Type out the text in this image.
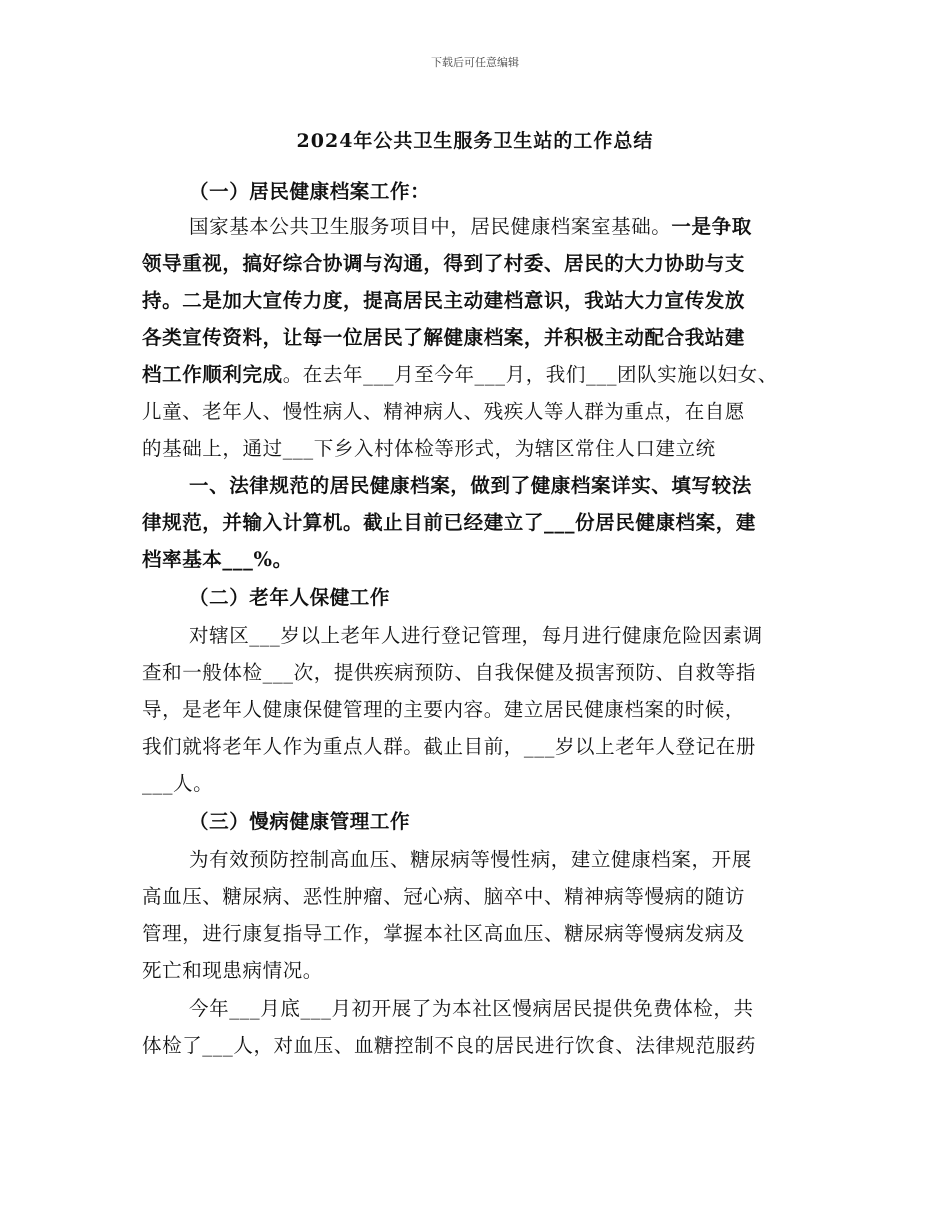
下载后可任意编辑
2024年公共卫生服务卫生站的工作总结
（一）居民健康档案工作：
国家基本公共卫生服务项目中，居民健康档案室基础。一是争取
领导重视，搞好综合协调与沟通，得到了村委、居民的大力协助与支
持。二是加大宣传力度，提高居民主动建档意识，我站大力宣传发放
各类宣传资料，让每一位居民了解健康档案，并积极主动配合我站建
档工作顺利完成。在去年___月至今年___月，我们___团队实施以妇女、
儿童、老年人、慢性病人、精神病人、残疾人等人群为重点，在自愿
的基础上，通过___下乡入村体检等形式，为辖区常住人口建立统
一、法律规范的居民健康档案，做到了健康档案详实、填写较法
律规范，并输入计算机。截止目前已经建立了___份居民健康档案，建
档率基本___%。
（二）老年人保健工作
对辖区___岁以上老年人进行登记管理，每月进行健康危险因素调
查和一般体检___次，提供疾病预防、自我保健及损害预防、自救等指
导，是老年人健康保健管理的主要内容。建立居民健康档案的时候，
我们就将老年人作为重点人群。截止目前，___岁以上老年人登记在册
___人。
（三）慢病健康管理工作
为有效预防控制高血压、糖尿病等慢性病，建立健康档案，开展
高血压、糖尿病、恶性肿瘤、冠心病、脑卒中、精神病等慢病的随访
管理，进行康复指导工作，掌握本社区高血压、糖尿病等慢病发病及
死亡和现患病情况。
今年___月底___月初开展了为本社区慢病居民提供免费体检，共
体检了___人，对血压、血糖控制不良的居民进行饮食、法律规范服药
